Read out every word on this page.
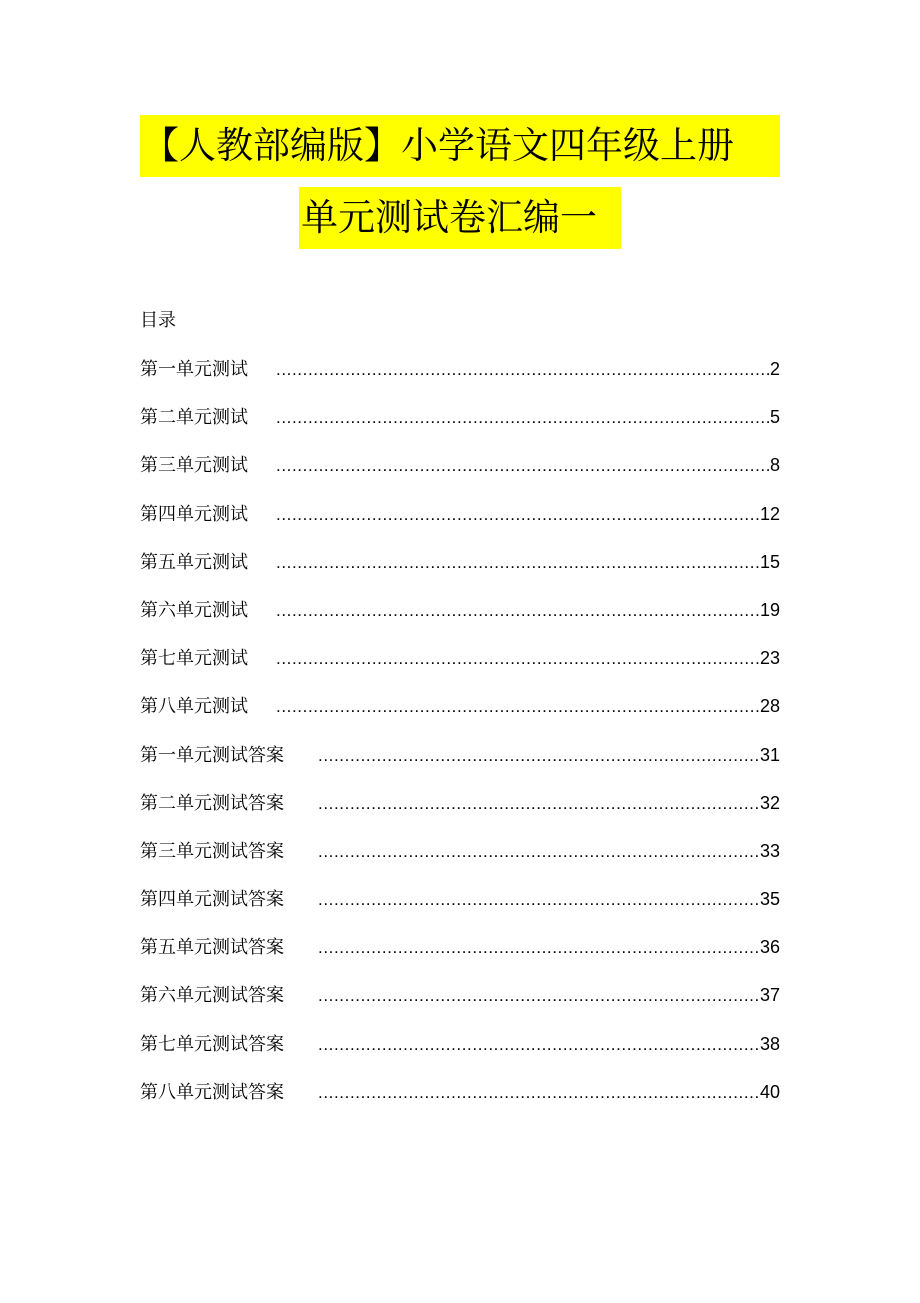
【人教部编版】小学语文四年级上册
单元测试卷汇编一
目录
第一单元测试 .....	2
第二单元测试 .....	5
第三单元测试 .....	8
第四单元测试 .....	12
第五单元测试 .....	15
第六单元测试 .....	19
第七单元测试 .....	23
第八单元测试 .....	28
第一单元测试答案 .....	31
第二单元测试答案 .....	32
第三单元测试答案 .....	33
第四单元测试答案 .....	35
第五单元测试答案 .....	36
第六单元测试答案 .....	37
第七单元测试答案 .....	38
第八单元测试答案 .....	40
